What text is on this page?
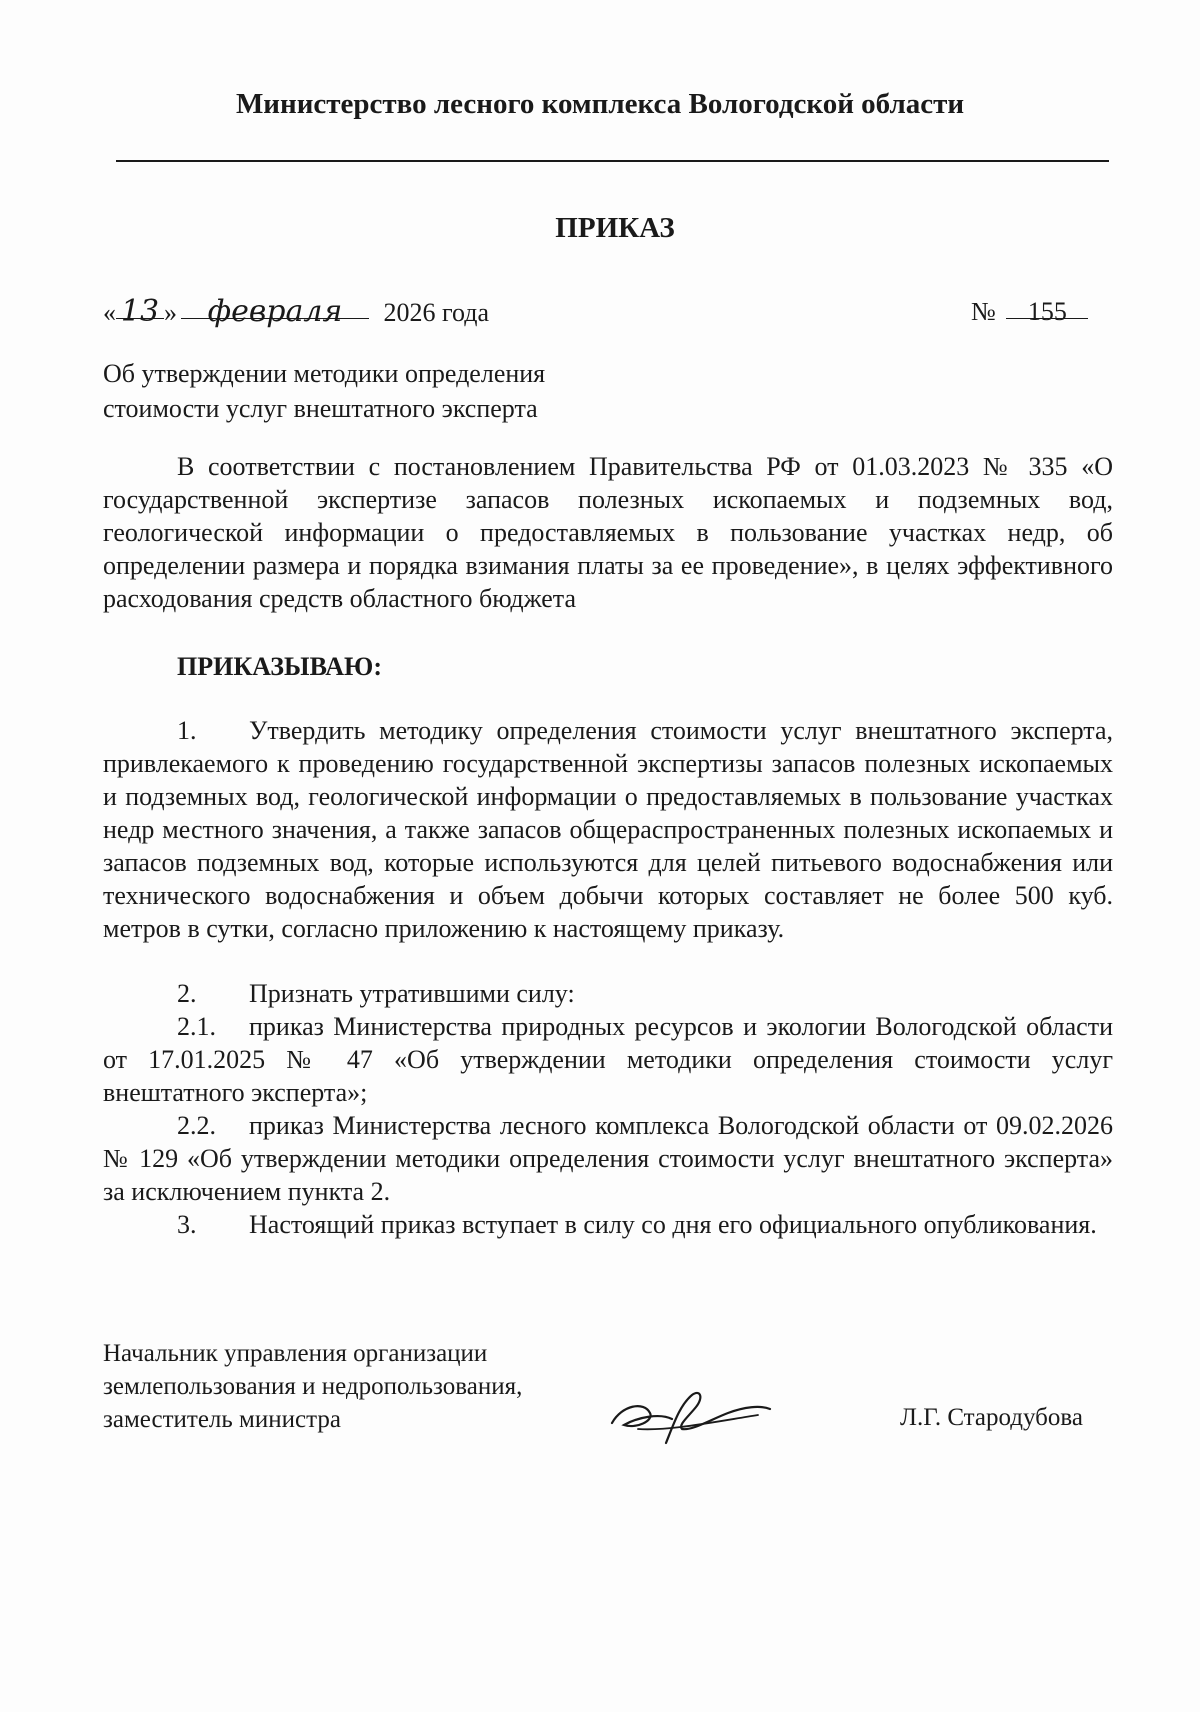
Министерство лесного комплекса Вологодской области
ПРИКАЗ
« 13 » февраля 2026 года	№ 155
Об утверждении методики определения
стоимости услуг внештатного эксперта

В соответствии с постановлением Правительства РФ от 01.03.2023 № 335 «О государственной экспертизе запасов полезных ископаемых и подземных вод, геологической информации о предоставляемых в пользование участках недр, об определении размера и порядка взимания платы за ее проведение», в целях эффективного расходования средств областного бюджета

ПРИКАЗЫВАЮ:

1. Утвердить методику определения стоимости услуг внештатного эксперта, привлекаемого к проведению государственной экспертизы запасов полезных ископаемых и подземных вод, геологической информации о предоставляемых в пользование участках недр местного значения, а также запасов общераспространенных полезных ископаемых и запасов подземных вод, которые используются для целей питьевого водоснабжения или технического водоснабжения и объем добычи которых составляет не более 500 куб. метров в сутки, согласно приложению к настоящему приказу.

2. Признать утратившими силу:

2.1. приказ Министерства природных ресурсов и экологии Вологодской области от 17.01.2025 № 47 «Об утверждении методики определения стоимости услуг внештатного эксперта»;

2.2. приказ Министерства лесного комплекса Вологодской области от 09.02.2026 № 129 «Об утверждении методики определения стоимости услуг внештатного эксперта» за исключением пункта 2.

3. Настоящий приказ вступает в силу со дня его официального опубликования.

Начальник управления организации
землепользования и недропользования,
заместитель министра	Л.Г. Стародубова
